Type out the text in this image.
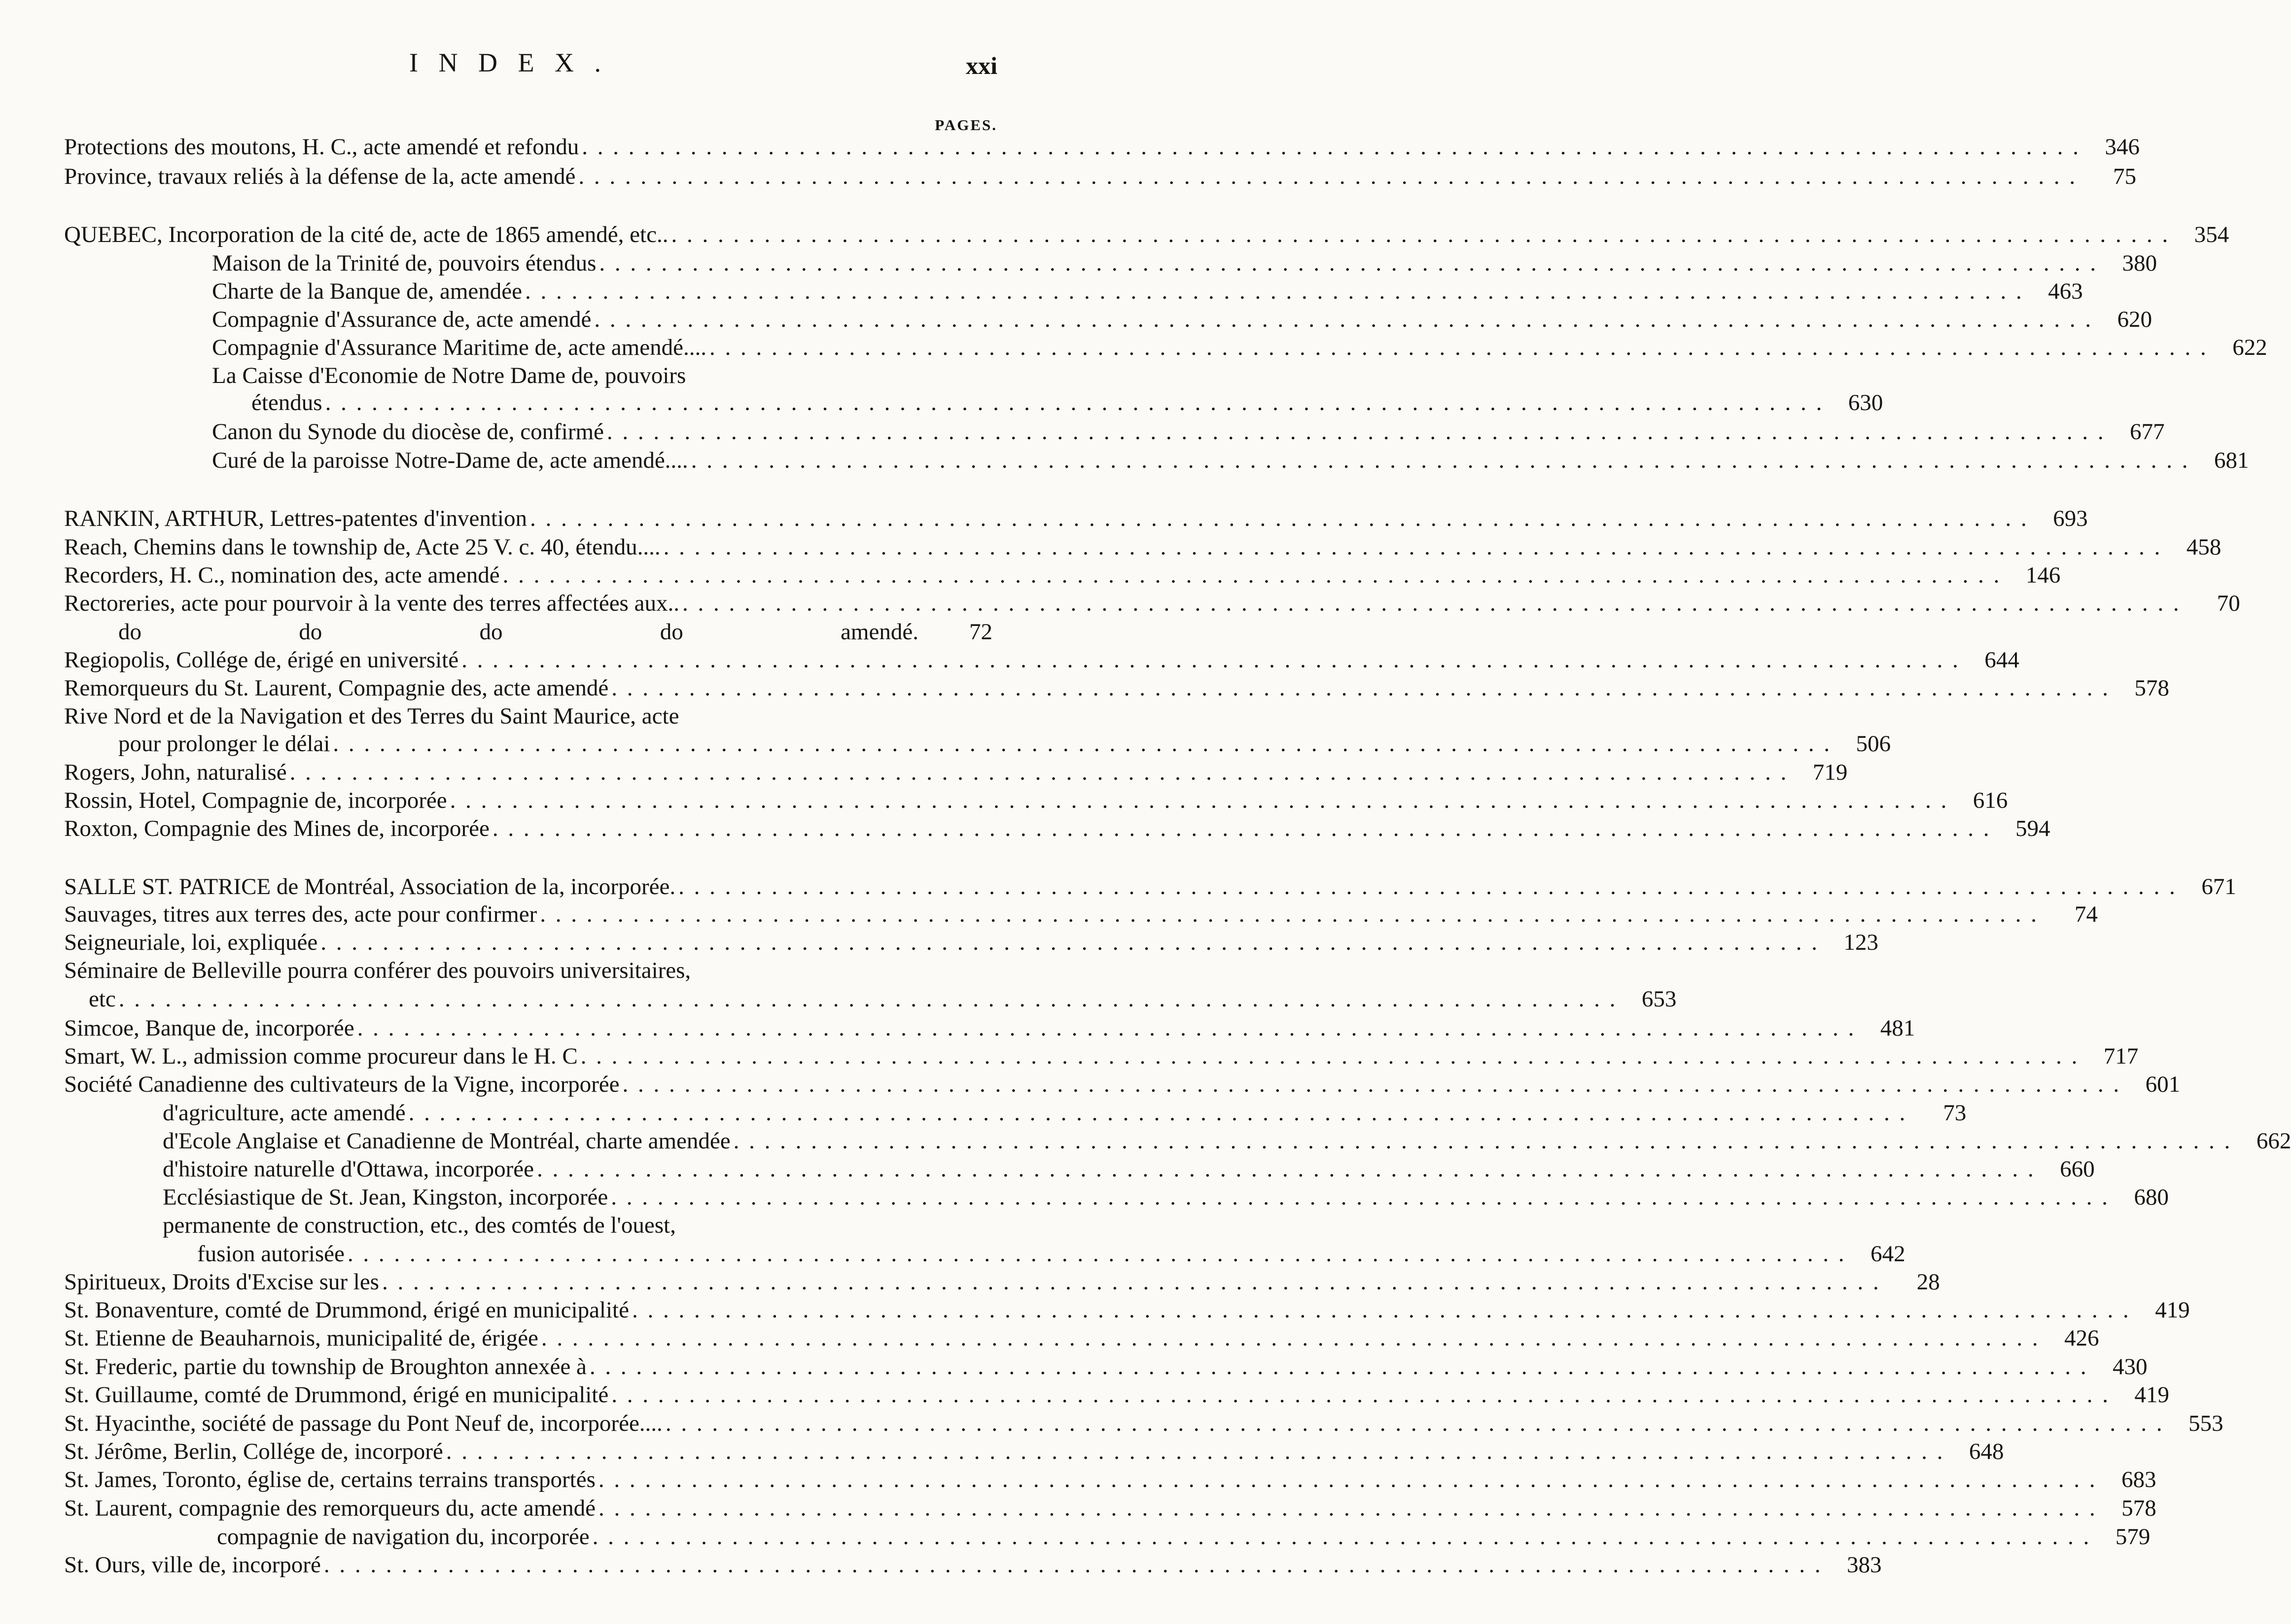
I N D E X .	xxi
PAGES.
Protections des moutons, H. C., acte amendé et refondu . . . . . . . . . . . . . . . . . . . . . . . . . . . . . . . . . . . . . . . . . . . . . . . . . . . . . . . . . . . . . . . . . . . . . . . . . . . . . . . . . . . . . . . . . . . . . . . . .	346
Province, travaux reliés à la défense de la, acte amendé . . . . . . . . . . . . . . . . . . . . . . . . . . . . . . . . . . . . . . . . . . . . . . . . . . . . . . . . . . . . . . . . . . . . . . . . . . . . . . . . . . . . . . . . . . . . . . . . .	75
QUEBEC, Incorporation de la cité de, acte de 1865 amendé, etc.. . . . . . . . . . . . . . . . . . . . . . . . . . . . . . . . . . . . . . . . . . . . . . . . . . . . . . . . . . . . . . . . . . . . . . . . . . . . . . . . . . . . . . . . . . . . . . . . . .	354
Maison de la Trinité de, pouvoirs étendus . . . . . . . . . . . . . . . . . . . . . . . . . . . . . . . . . . . . . . . . . . . . . . . . . . . . . . . . . . . . . . . . . . . . . . . . . . . . . . . . . . . . . . . . . . . . . . . . .	380
Charte de la Banque de, amendée . . . . . . . . . . . . . . . . . . . . . . . . . . . . . . . . . . . . . . . . . . . . . . . . . . . . . . . . . . . . . . . . . . . . . . . . . . . . . . . . . . . . . . . . . . . . . . . . .	463
Compagnie d'Assurance de, acte amendé . . . . . . . . . . . . . . . . . . . . . . . . . . . . . . . . . . . . . . . . . . . . . . . . . . . . . . . . . . . . . . . . . . . . . . . . . . . . . . . . . . . . . . . . . . . . . . . . .	620
Compagnie d'Assurance Maritime de, acte amendé.... . . . . . . . . . . . . . . . . . . . . . . . . . . . . . . . . . . . . . . . . . . . . . . . . . . . . . . . . . . . . . . . . . . . . . . . . . . . . . . . . . . . . . . . . . . . . . . . . .	622
La Caisse d'Economie de Notre Dame de, pouvoirs
étendus . . . . . . . . . . . . . . . . . . . . . . . . . . . . . . . . . . . . . . . . . . . . . . . . . . . . . . . . . . . . . . . . . . . . . . . . . . . . . . . . . . . . . . . . . . . . . . . . .	630
Canon du Synode du diocèse de, confirmé . . . . . . . . . . . . . . . . . . . . . . . . . . . . . . . . . . . . . . . . . . . . . . . . . . . . . . . . . . . . . . . . . . . . . . . . . . . . . . . . . . . . . . . . . . . . . . . . .	677
Curé de la paroisse Notre-Dame de, acte amendé.... . . . . . . . . . . . . . . . . . . . . . . . . . . . . . . . . . . . . . . . . . . . . . . . . . . . . . . . . . . . . . . . . . . . . . . . . . . . . . . . . . . . . . . . . . . . . . . . . .	681
RANKIN, ARTHUR, Lettres-patentes d'invention . . . . . . . . . . . . . . . . . . . . . . . . . . . . . . . . . . . . . . . . . . . . . . . . . . . . . . . . . . . . . . . . . . . . . . . . . . . . . . . . . . . . . . . . . . . . . . . . .	693
Reach, Chemins dans le township de, Acte 25 V. c. 40, étendu.... . . . . . . . . . . . . . . . . . . . . . . . . . . . . . . . . . . . . . . . . . . . . . . . . . . . . . . . . . . . . . . . . . . . . . . . . . . . . . . . . . . . . . . . . . . . . . . . . .	458
Recorders, H. C., nomination des, acte amendé . . . . . . . . . . . . . . . . . . . . . . . . . . . . . . . . . . . . . . . . . . . . . . . . . . . . . . . . . . . . . . . . . . . . . . . . . . . . . . . . . . . . . . . . . . . . . . . . .	146
Rectoreries, acte pour pourvoir à la vente des terres affectées aux.. . . . . . . . . . . . . . . . . . . . . . . . . . . . . . . . . . . . . . . . . . . . . . . . . . . . . . . . . . . . . . . . . . . . . . . . . . . . . . . . . . . . . . . . . . . . . . . . . .	70
do	do	do	do	amendé.	72
Regiopolis, Collége de, érigé en université . . . . . . . . . . . . . . . . . . . . . . . . . . . . . . . . . . . . . . . . . . . . . . . . . . . . . . . . . . . . . . . . . . . . . . . . . . . . . . . . . . . . . . . . . . . . . . . . .	644
Remorqueurs du St. Laurent, Compagnie des, acte amendé . . . . . . . . . . . . . . . . . . . . . . . . . . . . . . . . . . . . . . . . . . . . . . . . . . . . . . . . . . . . . . . . . . . . . . . . . . . . . . . . . . . . . . . . . . . . . . . . .	578
Rive Nord et de la Navigation et des Terres du Saint Maurice, acte
pour prolonger le délai . . . . . . . . . . . . . . . . . . . . . . . . . . . . . . . . . . . . . . . . . . . . . . . . . . . . . . . . . . . . . . . . . . . . . . . . . . . . . . . . . . . . . . . . . . . . . . . . .	506
Rogers, John, naturalisé . . . . . . . . . . . . . . . . . . . . . . . . . . . . . . . . . . . . . . . . . . . . . . . . . . . . . . . . . . . . . . . . . . . . . . . . . . . . . . . . . . . . . . . . . . . . . . . . .	719
Rossin, Hotel, Compagnie de, incorporée . . . . . . . . . . . . . . . . . . . . . . . . . . . . . . . . . . . . . . . . . . . . . . . . . . . . . . . . . . . . . . . . . . . . . . . . . . . . . . . . . . . . . . . . . . . . . . . . .	616
Roxton, Compagnie des Mines de, incorporée . . . . . . . . . . . . . . . . . . . . . . . . . . . . . . . . . . . . . . . . . . . . . . . . . . . . . . . . . . . . . . . . . . . . . . . . . . . . . . . . . . . . . . . . . . . . . . . . .	594
SALLE ST. PATRICE de Montréal, Association de la, incorporée. . . . . . . . . . . . . . . . . . . . . . . . . . . . . . . . . . . . . . . . . . . . . . . . . . . . . . . . . . . . . . . . . . . . . . . . . . . . . . . . . . . . . . . . . . . . . . . . . .	671
Sauvages, titres aux terres des, acte pour confirmer . . . . . . . . . . . . . . . . . . . . . . . . . . . . . . . . . . . . . . . . . . . . . . . . . . . . . . . . . . . . . . . . . . . . . . . . . . . . . . . . . . . . . . . . . . . . . . . . .	74
Seigneuriale, loi, expliquée . . . . . . . . . . . . . . . . . . . . . . . . . . . . . . . . . . . . . . . . . . . . . . . . . . . . . . . . . . . . . . . . . . . . . . . . . . . . . . . . . . . . . . . . . . . . . . . . .	123
Séminaire de Belleville pourra conférer des pouvoirs universitaires,
etc . . . . . . . . . . . . . . . . . . . . . . . . . . . . . . . . . . . . . . . . . . . . . . . . . . . . . . . . . . . . . . . . . . . . . . . . . . . . . . . . . . . . . . . . . . . . . . . . .	653
Simcoe, Banque de, incorporée . . . . . . . . . . . . . . . . . . . . . . . . . . . . . . . . . . . . . . . . . . . . . . . . . . . . . . . . . . . . . . . . . . . . . . . . . . . . . . . . . . . . . . . . . . . . . . . . .	481
Smart, W. L., admission comme procureur dans le H. C . . . . . . . . . . . . . . . . . . . . . . . . . . . . . . . . . . . . . . . . . . . . . . . . . . . . . . . . . . . . . . . . . . . . . . . . . . . . . . . . . . . . . . . . . . . . . . . . .	717
Société Canadienne des cultivateurs de la Vigne, incorporée . . . . . . . . . . . . . . . . . . . . . . . . . . . . . . . . . . . . . . . . . . . . . . . . . . . . . . . . . . . . . . . . . . . . . . . . . . . . . . . . . . . . . . . . . . . . . . . . .	601
d'agriculture, acte amendé . . . . . . . . . . . . . . . . . . . . . . . . . . . . . . . . . . . . . . . . . . . . . . . . . . . . . . . . . . . . . . . . . . . . . . . . . . . . . . . . . . . . . . . . . . . . . . . . .	73
d'Ecole Anglaise et Canadienne de Montréal, charte amendée . . . . . . . . . . . . . . . . . . . . . . . . . . . . . . . . . . . . . . . . . . . . . . . . . . . . . . . . . . . . . . . . . . . . . . . . . . . . . . . . . . . . . . . . . . . . . . . . .	662
d'histoire naturelle d'Ottawa, incorporée . . . . . . . . . . . . . . . . . . . . . . . . . . . . . . . . . . . . . . . . . . . . . . . . . . . . . . . . . . . . . . . . . . . . . . . . . . . . . . . . . . . . . . . . . . . . . . . . .	660
Ecclésiastique de St. Jean, Kingston, incorporée . . . . . . . . . . . . . . . . . . . . . . . . . . . . . . . . . . . . . . . . . . . . . . . . . . . . . . . . . . . . . . . . . . . . . . . . . . . . . . . . . . . . . . . . . . . . . . . . .	680
permanente de construction, etc., des comtés de l'ouest,
fusion autorisée . . . . . . . . . . . . . . . . . . . . . . . . . . . . . . . . . . . . . . . . . . . . . . . . . . . . . . . . . . . . . . . . . . . . . . . . . . . . . . . . . . . . . . . . . . . . . . . . .	642
Spiritueux, Droits d'Excise sur les . . . . . . . . . . . . . . . . . . . . . . . . . . . . . . . . . . . . . . . . . . . . . . . . . . . . . . . . . . . . . . . . . . . . . . . . . . . . . . . . . . . . . . . . . . . . . . . . .	28
St. Bonaventure, comté de Drummond, érigé en municipalité . . . . . . . . . . . . . . . . . . . . . . . . . . . . . . . . . . . . . . . . . . . . . . . . . . . . . . . . . . . . . . . . . . . . . . . . . . . . . . . . . . . . . . . . . . . . . . . . .	419
St. Etienne de Beauharnois, municipalité de, érigée . . . . . . . . . . . . . . . . . . . . . . . . . . . . . . . . . . . . . . . . . . . . . . . . . . . . . . . . . . . . . . . . . . . . . . . . . . . . . . . . . . . . . . . . . . . . . . . . .	426
St. Frederic, partie du township de Broughton annexée à . . . . . . . . . . . . . . . . . . . . . . . . . . . . . . . . . . . . . . . . . . . . . . . . . . . . . . . . . . . . . . . . . . . . . . . . . . . . . . . . . . . . . . . . . . . . . . . . .	430
St. Guillaume, comté de Drummond, érigé en municipalité . . . . . . . . . . . . . . . . . . . . . . . . . . . . . . . . . . . . . . . . . . . . . . . . . . . . . . . . . . . . . . . . . . . . . . . . . . . . . . . . . . . . . . . . . . . . . . . . .	419
St. Hyacinthe, société de passage du Pont Neuf de, incorporée.... . . . . . . . . . . . . . . . . . . . . . . . . . . . . . . . . . . . . . . . . . . . . . . . . . . . . . . . . . . . . . . . . . . . . . . . . . . . . . . . . . . . . . . . . . . . . . . . . .	553
St. Jérôme, Berlin, Collége de, incorporé . . . . . . . . . . . . . . . . . . . . . . . . . . . . . . . . . . . . . . . . . . . . . . . . . . . . . . . . . . . . . . . . . . . . . . . . . . . . . . . . . . . . . . . . . . . . . . . . .	648
St. James, Toronto, église de, certains terrains transportés . . . . . . . . . . . . . . . . . . . . . . . . . . . . . . . . . . . . . . . . . . . . . . . . . . . . . . . . . . . . . . . . . . . . . . . . . . . . . . . . . . . . . . . . . . . . . . . . .	683
St. Laurent, compagnie des remorqueurs du, acte amendé . . . . . . . . . . . . . . . . . . . . . . . . . . . . . . . . . . . . . . . . . . . . . . . . . . . . . . . . . . . . . . . . . . . . . . . . . . . . . . . . . . . . . . . . . . . . . . . . .	578
compagnie de navigation du, incorporée . . . . . . . . . . . . . . . . . . . . . . . . . . . . . . . . . . . . . . . . . . . . . . . . . . . . . . . . . . . . . . . . . . . . . . . . . . . . . . . . . . . . . . . . . . . . . . . . .	579
St. Ours, ville de, incorporé . . . . . . . . . . . . . . . . . . . . . . . . . . . . . . . . . . . . . . . . . . . . . . . . . . . . . . . . . . . . . . . . . . . . . . . . . . . . . . . . . . . . . . . . . . . . . . . . .	383
